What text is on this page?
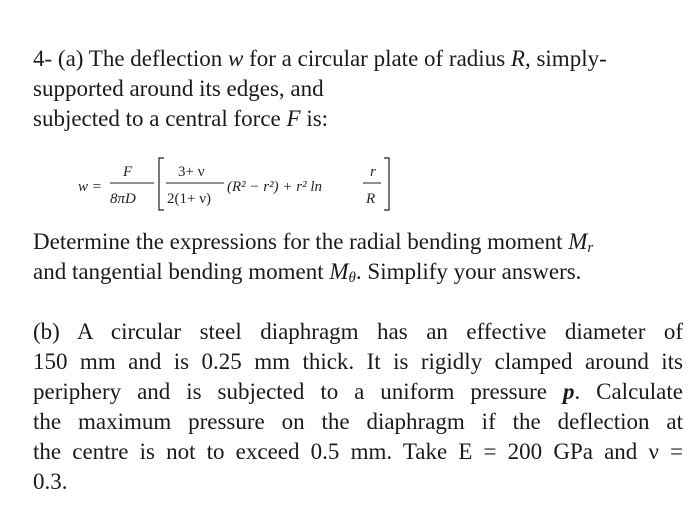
4- (a) The deflection w for a circular plate of radius R, simply-
supported around its edges, and
subjected to a central force F is:
w =
F
8πD
3+ ν
2(1+ ν)
(R² − r²) + r² ln
r
R
Determine the expressions for the radial bending moment $M_r$
and tangential bending moment $M_\theta$. Simplify your answers.
(b) A circular steel diaphragm has an effective diameter of
150 mm and is 0.25 mm thick. It is rigidly clamped around its
periphery and is subjected to a uniform pressure p. Calculate
the maximum pressure on the diaphragm if the deflection at
the centre is not to exceed 0.5 mm. Take E = 200 GPa and ν =
0.3.
